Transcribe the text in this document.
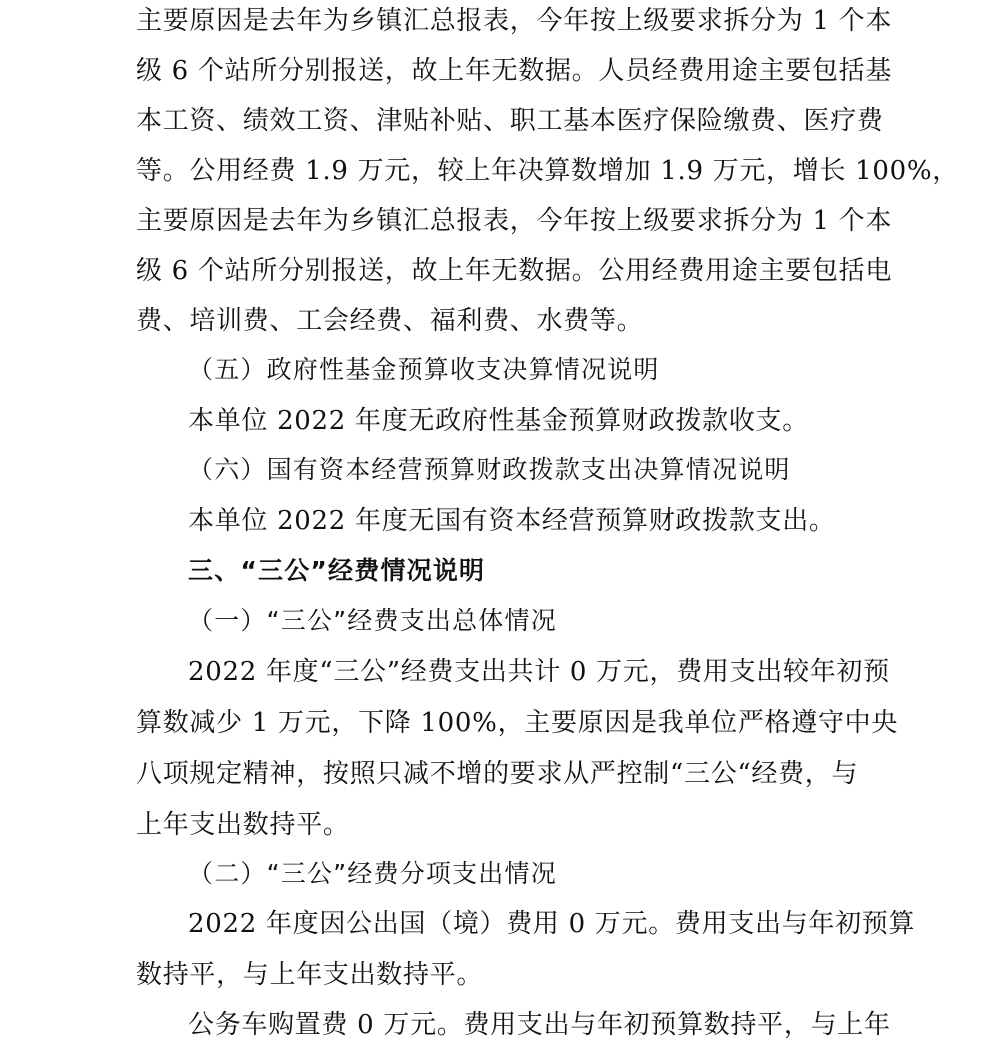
主要原因是去年为乡镇汇总报表，今年按上级要求拆分为 1 个本
级 6 个站所分别报送，故上年无数据。人员经费用途主要包括基
本工资、绩效工资、津贴补贴、职工基本医疗保险缴费、医疗费
等。公用经费 1.9 万元，较上年决算数增加 1.9 万元，增长 100%，
主要原因是去年为乡镇汇总报表，今年按上级要求拆分为 1 个本
级 6 个站所分别报送，故上年无数据。公用经费用途主要包括电
费、培训费、工会经费、福利费、水费等。
（五）政府性基金预算收支决算情况说明
本单位 2022 年度无政府性基金预算财政拨款收支。
（六）国有资本经营预算财政拨款支出决算情况说明
本单位 2022 年度无国有资本经营预算财政拨款支出。
三、“三公”经费情况说明
（一）“三公”经费支出总体情况
2022 年度“三公”经费支出共计 0 万元，费用支出较年初预
算数减少 1 万元，下降 100%，主要原因是我单位严格遵守中央
八项规定精神，按照只减不增的要求从严控制“三公“经费，与
上年支出数持平。
（二）“三公”经费分项支出情况
2022 年度因公出国（境）费用 0 万元。费用支出与年初预算
数持平，与上年支出数持平。
公务车购置费 0 万元。费用支出与年初预算数持平，与上年
